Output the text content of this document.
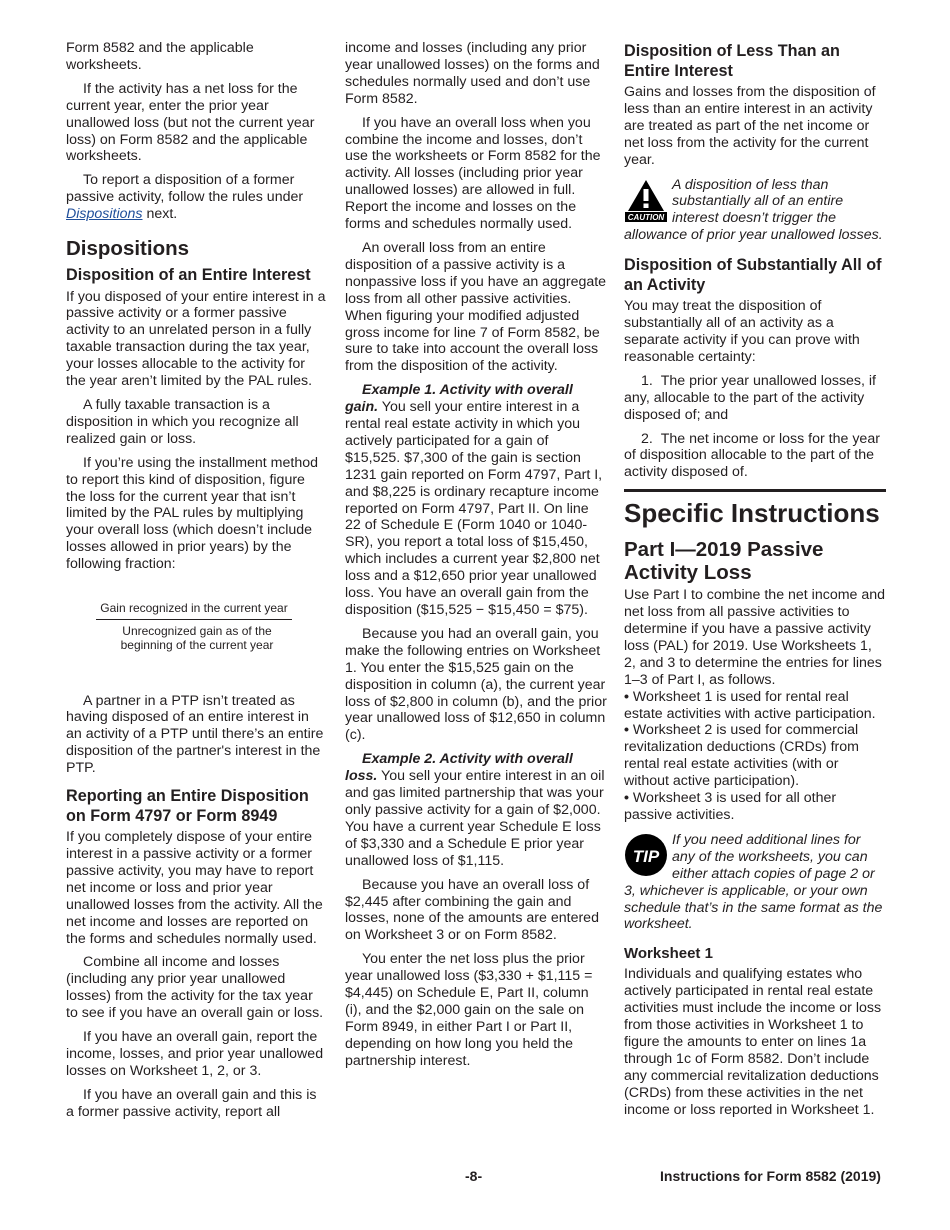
Form 8582 and the applicable worksheets.

If the activity has a net loss for the current year, enter the prior year unallowed loss (but not the current year loss) on Form 8582 and the applicable worksheets.

To report a disposition of a former passive activity, follow the rules under Dispositions next.

Dispositions
Disposition of an Entire Interest

If you disposed of your entire interest in a passive activity or a former passive activity to an unrelated person in a fully taxable transaction during the tax year, your losses allocable to the activity for the year aren’t limited by the PAL rules.

A fully taxable transaction is a disposition in which you recognize all realized gain or loss.

If you’re using the installment method to report this kind of disposition, figure the loss for the current year that isn’t limited by the PAL rules by multiplying your overall loss (which doesn’t include losses allowed in prior years) by the following fraction:

Gain recognized in the current year
Unrecognized gain as of the beginning of the current year

A partner in a PTP isn’t treated as having disposed of an entire interest in an activity of a PTP until there’s an entire disposition of the partner's interest in the PTP.

Reporting an Entire Disposition on Form 4797 or Form 8949

If you completely dispose of your entire interest in a passive activity or a former passive activity, you may have to report net income or loss and prior year unallowed losses from the activity. All the net income and losses are reported on the forms and schedules normally used.

Combine all income and losses (including any prior year unallowed losses) from the activity for the tax year to see if you have an overall gain or loss.

If you have an overall gain, report the income, losses, and prior year unallowed losses on Worksheet 1, 2, or 3.

If you have an overall gain and this is a former passive activity, report all

income and losses (including any prior year unallowed losses) on the forms and schedules normally used and don’t use Form 8582.

If you have an overall loss when you combine the income and losses, don’t use the worksheets or Form 8582 for the activity. All losses (including prior year unallowed losses) are allowed in full. Report the income and losses on the forms and schedules normally used.

An overall loss from an entire disposition of a passive activity is a nonpassive loss if you have an aggregate loss from all other passive activities. When figuring your modified adjusted gross income for line 7 of Form 8582, be sure to take into account the overall loss from the disposition of the activity.

Example 1. Activity with overall gain. You sell your entire interest in a rental real estate activity in which you actively participated for a gain of $15,525. $7,300 of the gain is section 1231 gain reported on Form 4797, Part I, and $8,225 is ordinary recapture income reported on Form 4797, Part II. On line 22 of Schedule E (Form 1040 or 1040-SR), you report a total loss of $15,450, which includes a current year $2,800 net loss and a $12,650 prior year unallowed loss. You have an overall gain from the disposition ($15,525 − $15,450 = $75).

Because you had an overall gain, you make the following entries on Worksheet 1. You enter the $15,525 gain on the disposition in column (a), the current year loss of $2,800 in column (b), and the prior year unallowed loss of $12,650 in column (c).

Example 2. Activity with overall loss. You sell your entire interest in an oil and gas limited partnership that was your only passive activity for a gain of $2,000. You have a current year Schedule E loss of $3,330 and a Schedule E prior year unallowed loss of $1,115.

Because you have an overall loss of $2,445 after combining the gain and losses, none of the amounts are entered on Worksheet 3 or on Form 8582.

You enter the net loss plus the prior year unallowed loss ($3,330 + $1,115 = $4,445) on Schedule E, Part II, column (i), and the $2,000 gain on the sale on Form 8949, in either Part I or Part II, depending on how long you held the partnership interest.

Disposition of Less Than an Entire Interest

Gains and losses from the disposition of less than an entire interest in an activity are treated as part of the net income or net loss from the activity for the current year.

CAUTION
A disposition of less than substantially all of an entire interest doesn’t trigger the allowance of prior year unallowed losses.
Disposition of Substantially All of an Activity

You may treat the disposition of substantially all of an activity as a separate activity if you can prove with reasonable certainty:

1.  The prior year unallowed losses, if any, allocable to the part of the activity disposed of; and

2.  The net income or loss for the year of disposition allocable to the part of the activity disposed of.

Specific Instructions
Part I—2019 Passive Activity Loss

Use Part I to combine the net income and net loss from all passive activities to determine if you have a passive activity loss (PAL) for 2019. Use Worksheets 1, 2, and 3 to determine the entries for lines 1–3 of Part I, as follows.

• Worksheet 1 is used for rental real estate activities with active participation.

• Worksheet 2 is used for commercial revitalization deductions (CRDs) from rental real estate activities (with or without active participation).

• Worksheet 3 is used for all other passive activities.

TIP
If you need additional lines for any of the worksheets, you can either attach copies of page 2 or 3, whichever is applicable, or your own schedule that’s in the same format as the worksheet.
Worksheet 1

Individuals and qualifying estates who actively participated in rental real estate activities must include the income or loss from those activities in Worksheet 1 to figure the amounts to enter on lines 1a through 1c of Form 8582. Don’t include any commercial revitalization deductions (CRDs) from these activities in the net income or loss reported in Worksheet 1.

-8-	Instructions for Form 8582 (2019)
